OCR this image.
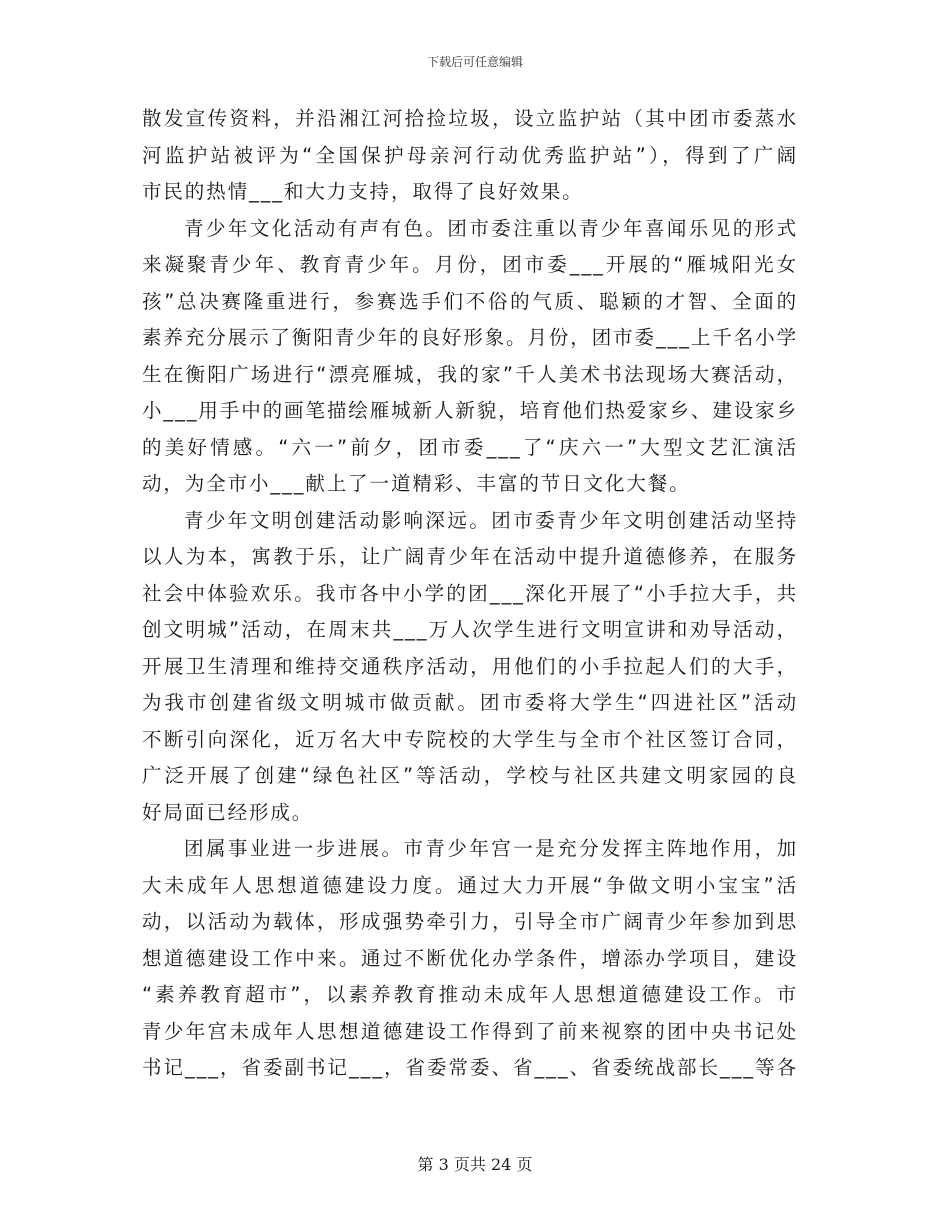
下载后可任意编辑
散发宣传资料，并沿湘江河拾捡垃圾，设立监护站（其中团市委蒸水
河监护站被评为“全国保护母亲河行动优秀监护站”），得到了广阔
市民的热情___和大力支持，取得了良好效果。
青少年文化活动有声有色。团市委注重以青少年喜闻乐见的形式
来凝聚青少年、教育青少年。月份，团市委___开展的“雁城阳光女
孩”总决赛隆重进行，参赛选手们不俗的气质、聪颖的才智、全面的
素养充分展示了衡阳青少年的良好形象。月份，团市委___上千名小学
生在衡阳广场进行“漂亮雁城，我的家”千人美术书法现场大赛活动，
小___用手中的画笔描绘雁城新人新貌，培育他们热爱家乡、建设家乡
的美好情感。“六一”前夕，团市委___了“庆六一”大型文艺汇演活
动，为全市小___献上了一道精彩、丰富的节日文化大餐。
青少年文明创建活动影响深远。团市委青少年文明创建活动坚持
以人为本，寓教于乐，让广阔青少年在活动中提升道德修养，在服务
社会中体验欢乐。我市各中小学的团___深化开展了“小手拉大手，共
创文明城”活动，在周末共___万人次学生进行文明宣讲和劝导活动，
开展卫生清理和维持交通秩序活动，用他们的小手拉起人们的大手，
为我市创建省级文明城市做贡献。团市委将大学生“四进社区”活动
不断引向深化，近万名大中专院校的大学生与全市个社区签订合同，
广泛开展了创建“绿色社区”等活动，学校与社区共建文明家园的良
好局面已经形成。
团属事业进一步进展。市青少年宫一是充分发挥主阵地作用，加
大未成年人思想道德建设力度。通过大力开展“争做文明小宝宝”活
动，以活动为载体，形成强势牵引力，引导全市广阔青少年参加到思
想道德建设工作中来。通过不断优化办学条件，增添办学项目，建设
“素养教育超市”，以素养教育推动未成年人思想道德建设工作。市
青少年宫未成年人思想道德建设工作得到了前来视察的团中央书记处
书记___，省委副书记___，省委常委、省___、省委统战部长___等各
第 3 页共 24 页
